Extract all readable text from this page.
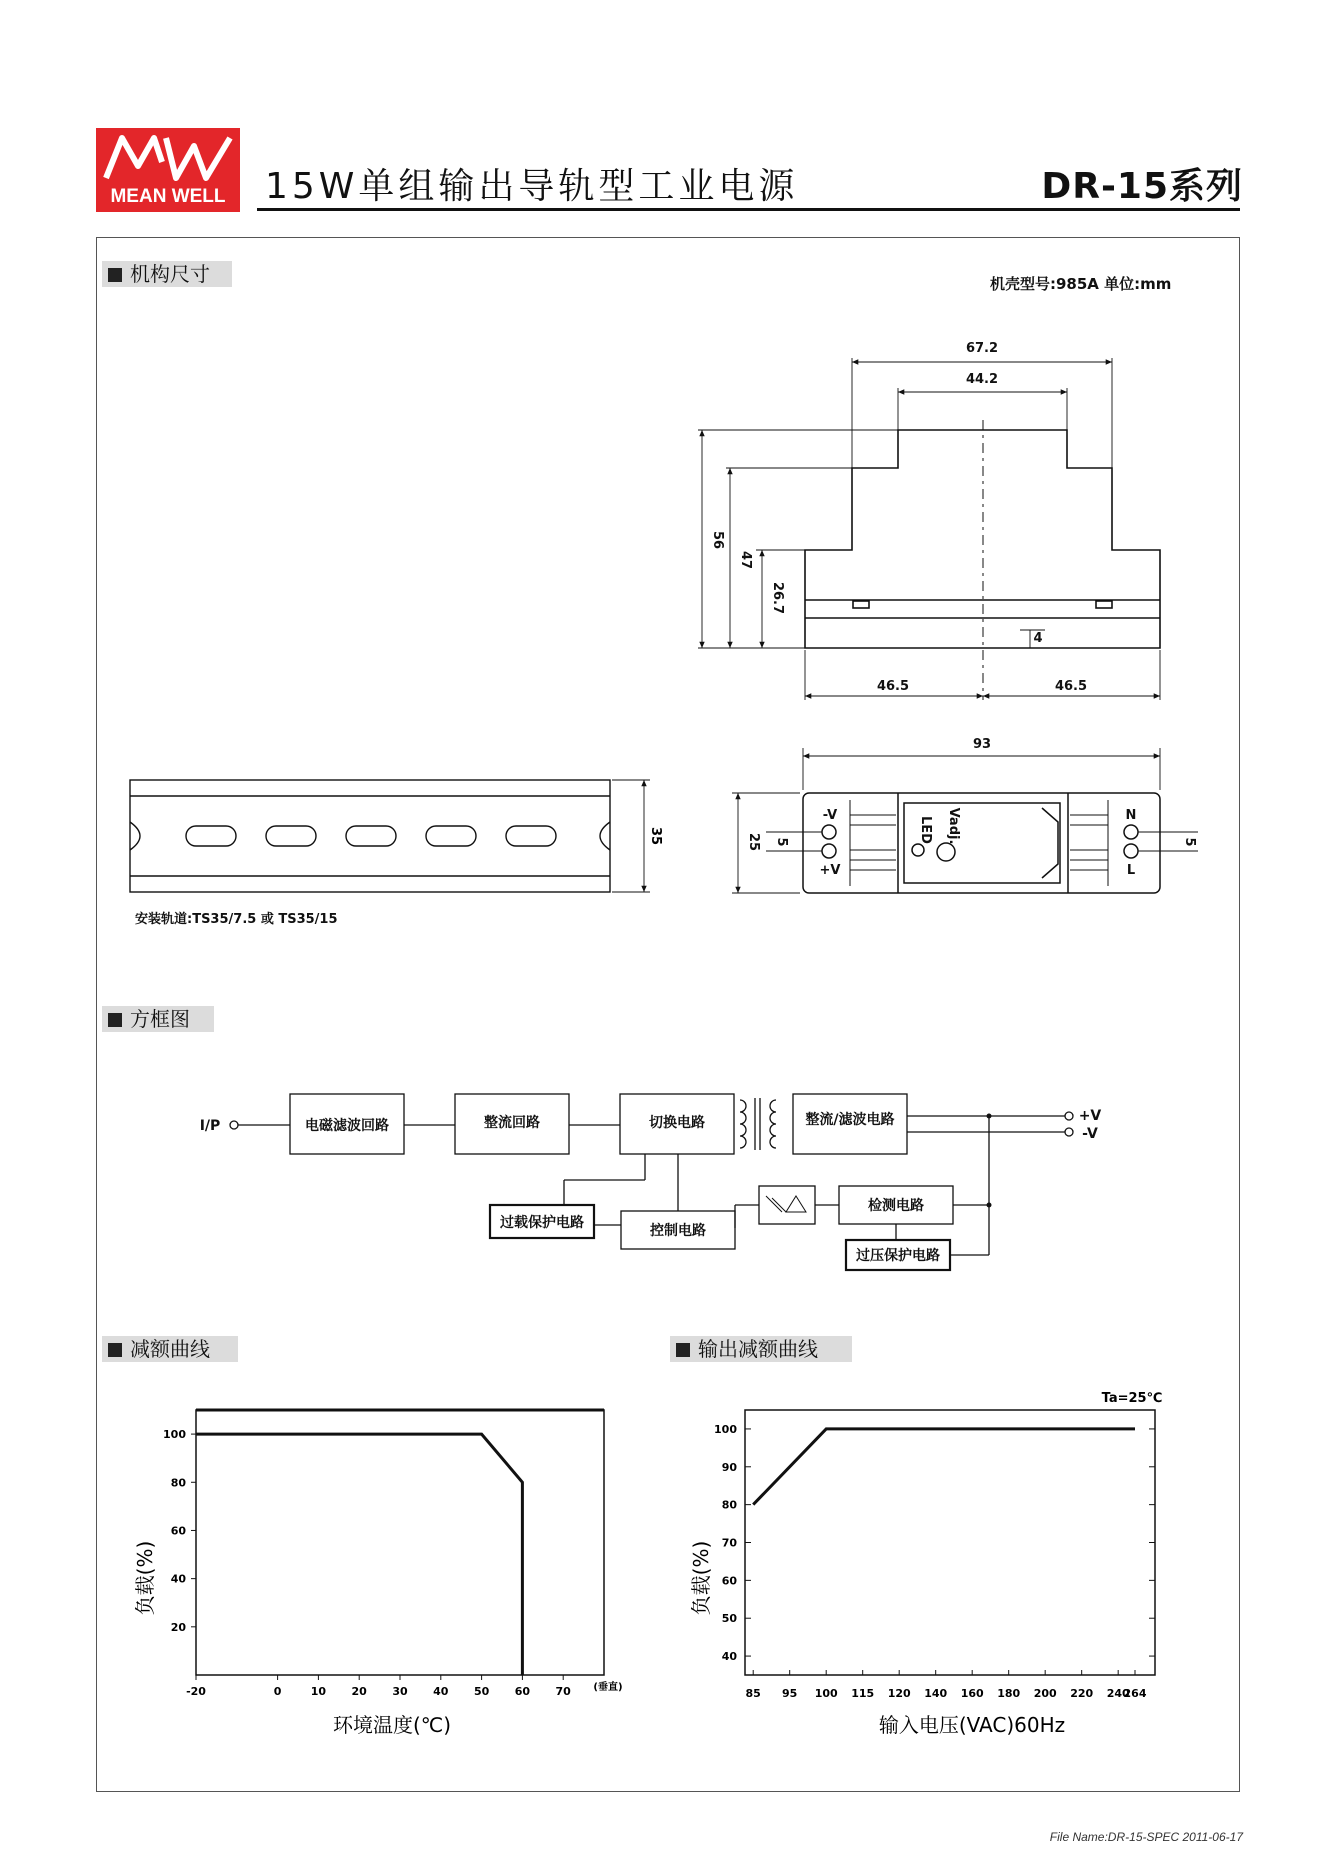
MEAN WELL	15W单组输出导轨型工业电源	DR-15系列
机构尺寸
方框图
减额曲线	输出减额曲线
机壳型号:985A 单位:mm
安装轨道:TS35/7.5 或 TS35/15
67.2
44.2
56
47
26.7
4
46.5	46.5
35
93
25 5	5
-V
+V
N
L
LED Vadj.
I/P	电磁滤波回路	整流回路	切换电路	整流/滤波电路
检测电路
控制电路
过载保护电路
过压保护电路
+V
-V
-20	0	10 20 30 40 50 60 70
20
40
60
80
100
(垂直)
环境温度(℃)
负载(%)
85 95 100 115 120 140 160 180 200 220 240
264
40
50
60
70
80
90
100
Ta=25℃
输入电压(VAC)60Hz
负载(%)
File Name:DR-15-SPEC 2011-06-17
